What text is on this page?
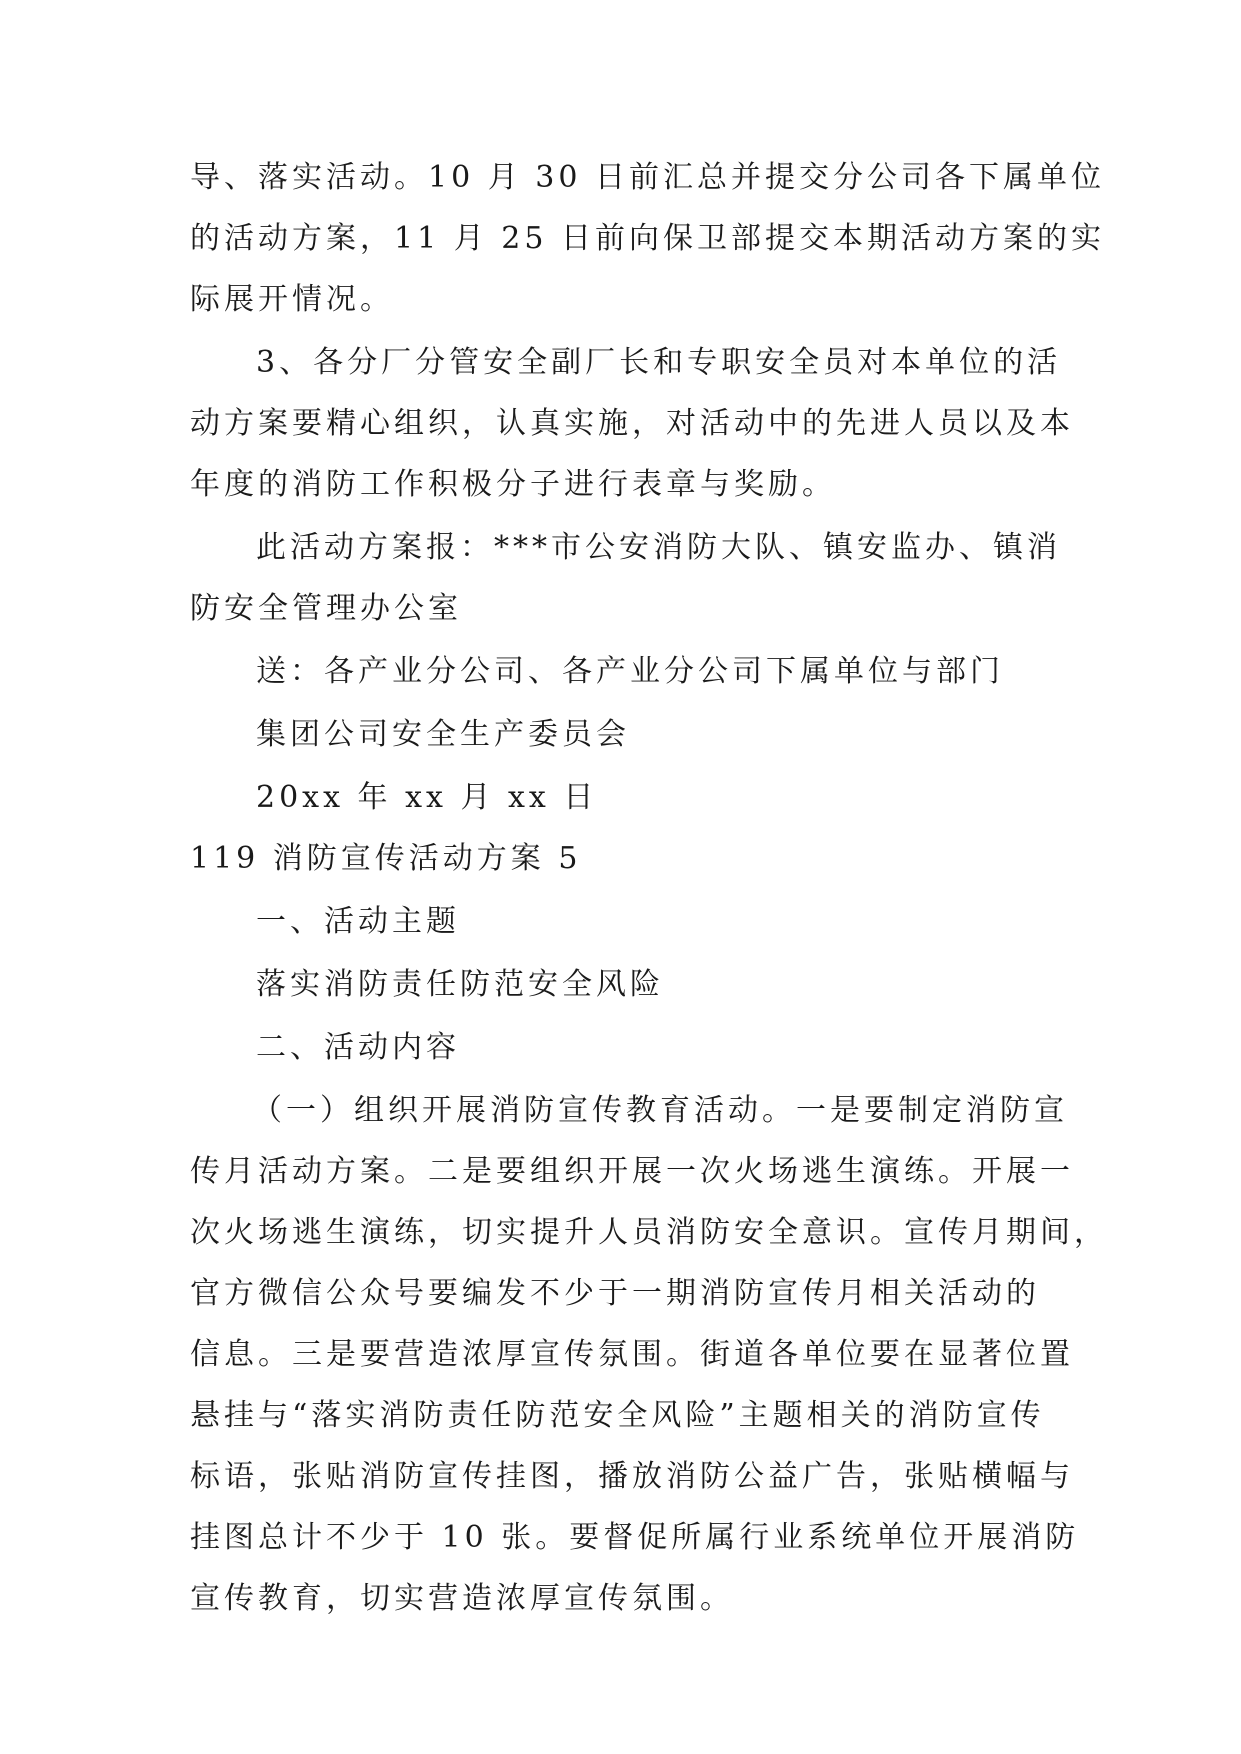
导、落实活动。10 月 30 日前汇总并提交分公司各下属单位

的活动方案，11 月 25 日前向保卫部提交本期活动方案的实

际展开情况。

3、各分厂分管安全副厂长和专职安全员对本单位的活

动方案要精心组织，认真实施，对活动中的先进人员以及本

年度的消防工作积极分子进行表章与奖励。

此活动方案报：***市公安消防大队、镇安监办、镇消

防安全管理办公室

送：各产业分公司、各产业分公司下属单位与部门

集团公司安全生产委员会

20xx 年 xx 月 xx 日

119 消防宣传活动方案 5

一、活动主题

落实消防责任防范安全风险

二、活动内容

（一）组织开展消防宣传教育活动。一是要制定消防宣

传月活动方案。二是要组织开展一次火场逃生演练。开展一

次火场逃生演练，切实提升人员消防安全意识。宣传月期间，

官方微信公众号要编发不少于一期消防宣传月相关活动的

信息。三是要营造浓厚宣传氛围。街道各单位要在显著位置

悬挂与“落实消防责任防范安全风险”主题相关的消防宣传

标语，张贴消防宣传挂图，播放消防公益广告，张贴横幅与

挂图总计不少于 10 张。要督促所属行业系统单位开展消防

宣传教育，切实营造浓厚宣传氛围。
